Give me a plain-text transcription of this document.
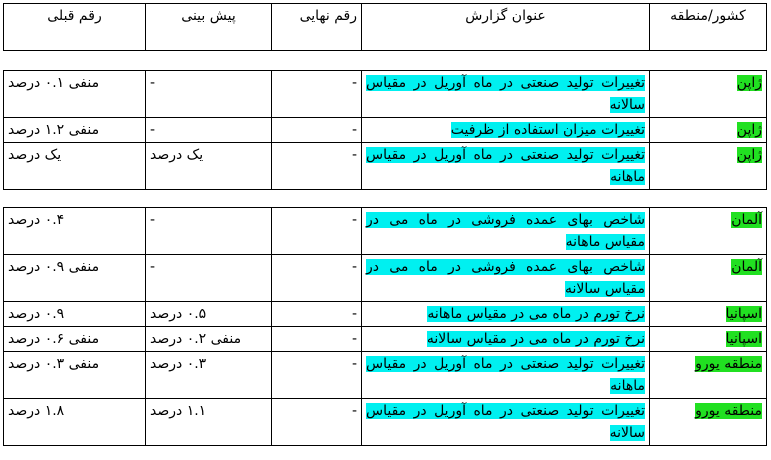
کشور/منطقه	عنوان گزارش	رقم نهایی	پیش بینی	رقم قبلی
ژاپن	تغییرات تولید صنعتی در ماه آوریل در مقیاس سالانه	-	-	منفی ۰.۱ درصد
ژاپن	تغییرات میزان استفاده از ظرفیت	-	-	منفی ۱.۲ درصد
ژاپن	تغییرات تولید صنعتی در ماه آوریل در مقیاس ماهانه	-	یک درصد	یک درصد
آلمان	شاخص بهای عمده فروشی در ماه می در مقیاس ماهانه	-	-	۰.۴ درصد
آلمان	شاخص بهای عمده فروشی در ماه می در مقیاس سالانه	-	-	منفی ۰.۹ درصد
اسپانیا	نرخ تورم در ماه می در مقیاس ماهانه	-	۰.۵ درصد	۰.۹ درصد
اسپانیا	نرخ تورم در ماه می در مقیاس سالانه	-	منفی ۰.۲ درصد	منفی ۰.۶ درصد
منطقه یورو	تغییرات تولید صنعتی در ماه آوریل در مقیاس ماهانه	-	۰.۳ درصد	منفی ۰.۳ درصد
منطقه یورو	تغییرات تولید صنعتی در ماه آوریل در مقیاس سالانه	-	۱.۱ درصد	۱.۸ درصد
